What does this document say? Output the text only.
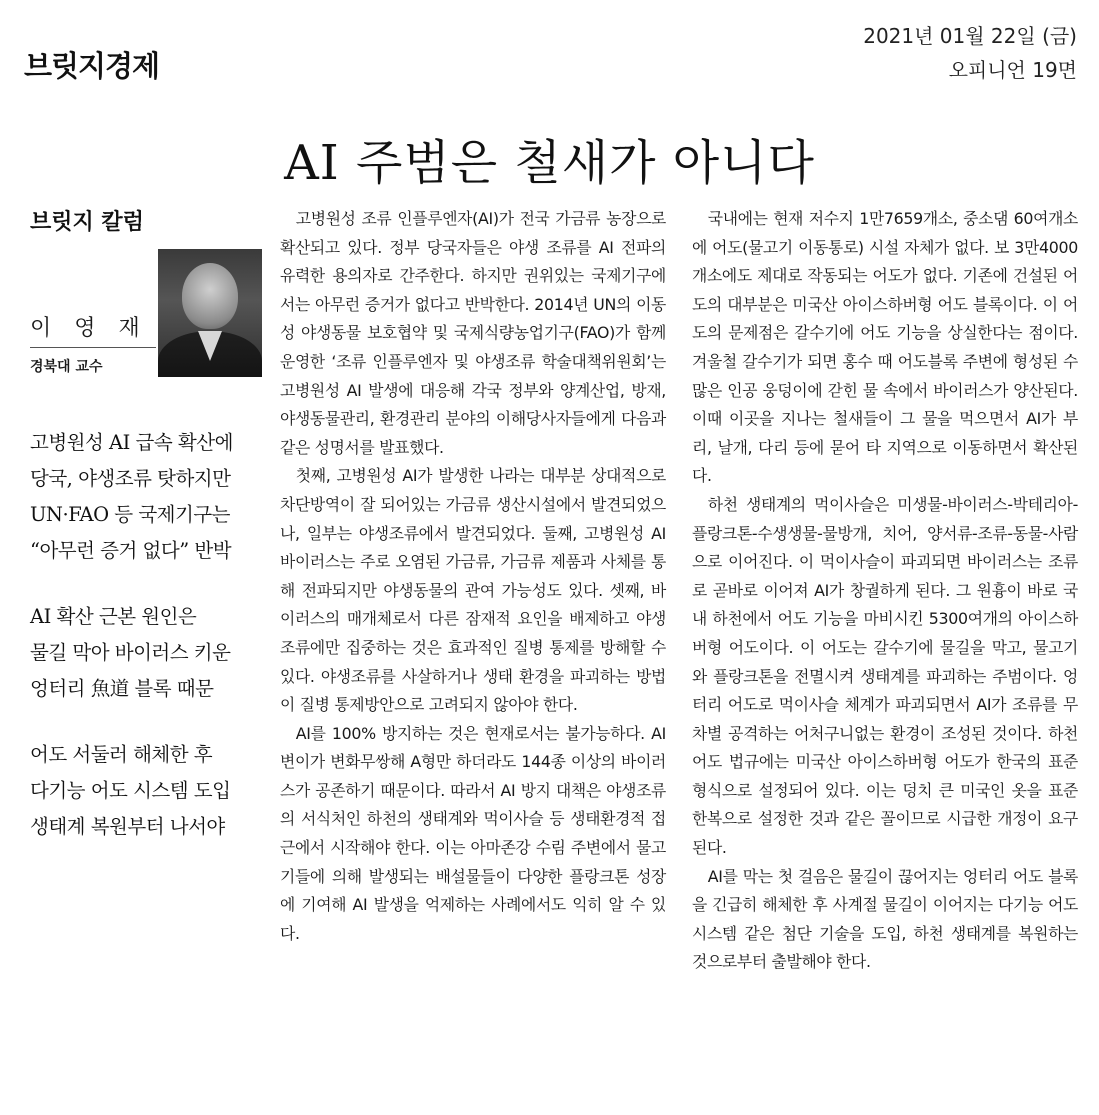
브릿지경제
2021년 01월 22일 (금)
오피니언 19면
AI 주범은 철새가 아니다
브릿지 칼럼
이 영 재
경북대 교수
고병원성 AI 급속 확산에
당국, 야생조류 탓하지만
UN·FAO 등 국제기구는
“아무런 증거 없다” 반박
AI 확산 근본 원인은
물길 막아 바이러스 키운
엉터리 魚道 블록 때문
어도 서둘러 해체한 후
다기능 어도 시스템 도입
생태계 복원부터 나서야

고병원성 조류 인플루엔자(AI)가 전국 가금류 농장으로 확산되고 있다. 정부 당국자들은 야생 조류를 AI 전파의 유력한 용의자로 간주한다. 하지만 권위있는 국제기구에서는 아무런 증거가 없다고 반박한다. 2014년 UN의 이동성 야생동물 보호협약 및 국제식량농업기구(FAO)가 함께 운영한 ‘조류 인플루엔자 및 야생조류 학술대책위원회’는 고병원성 AI 발생에 대응해 각국 정부와 양계산업, 방재, 야생동물관리, 환경관리 분야의 이해당사자들에게 다음과 같은 성명서를 발표했다.

첫째, 고병원성 AI가 발생한 나라는 대부분 상대적으로 차단방역이 잘 되어있는 가금류 생산시설에서 발견되었으나, 일부는 야생조류에서 발견되었다. 둘째, 고병원성 AI바이러스는 주로 오염된 가금류, 가금류 제품과 사체를 통해 전파되지만 야생동물의 관여 가능성도 있다. 셋째, 바이러스의 매개체로서 다른 잠재적 요인을 배제하고 야생조류에만 집중하는 것은 효과적인 질병 통제를 방해할 수 있다. 야생조류를 사살하거나 생태 환경을 파괴하는 방법이 질병 통제방안으로 고려되지 않아야 한다.

AI를 100% 방지하는 것은 현재로서는 불가능하다. AI 변이가 변화무쌍해 A형만 하더라도 144종 이상의 바이러스가 공존하기 때문이다. 따라서 AI 방지 대책은 야생조류의 서식처인 하천의 생태계와 먹이사슬 등 생태환경적 접근에서 시작해야 한다. 이는 아마존강 수림 주변에서 물고기들에 의해 발생되는 배설물들이 다양한 플랑크톤 성장에 기여해 AI 발생을 억제하는 사례에서도 익히 알 수 있다.

국내에는 현재 저수지 1만7659개소, 중소댐 60여개소에 어도(물고기 이동통로) 시설 자체가 없다. 보 3만4000개소에도 제대로 작동되는 어도가 없다. 기존에 건설된 어도의 대부분은 미국산 아이스하버형 어도 블록이다. 이 어도의 문제점은 갈수기에 어도 기능을 상실한다는 점이다. 겨울철 갈수기가 되면 홍수 때 어도블록 주변에 형성된 수많은 인공 웅덩이에 갇힌 물 속에서 바이러스가 양산된다. 이때 이곳을 지나는 철새들이 그 물을 먹으면서 AI가 부리, 날개, 다리 등에 묻어 타 지역으로 이동하면서 확산된다.

하천 생태계의 먹이사슬은 미생물-바이러스-박테리아-플랑크톤-수생생물-물방개, 치어, 양서류-조류-동물-사람으로 이어진다. 이 먹이사슬이 파괴되면 바이러스는 조류로 곧바로 이어져 AI가 창궐하게 된다. 그 원흉이 바로 국내 하천에서 어도 기능을 마비시킨 5300여개의 아이스하버형 어도이다. 이 어도는 갈수기에 물길을 막고, 물고기와 플랑크톤을 전멸시켜 생태계를 파괴하는 주범이다. 엉터리 어도로 먹이사슬 체계가 파괴되면서 AI가 조류를 무차별 공격하는 어처구니없는 환경이 조성된 것이다. 하천 어도 법규에는 미국산 아이스하버형 어도가 한국의 표준형식으로 설정되어 있다. 이는 덩치 큰 미국인 옷을 표준 한복으로 설정한 것과 같은 꼴이므로 시급한 개정이 요구된다.

AI를 막는 첫 걸음은 물길이 끊어지는 엉터리 어도 블록을 긴급히 해체한 후 사계절 물길이 이어지는 다기능 어도 시스템 같은 첨단 기술을 도입, 하천 생태계를 복원하는 것으로부터 출발해야 한다.
